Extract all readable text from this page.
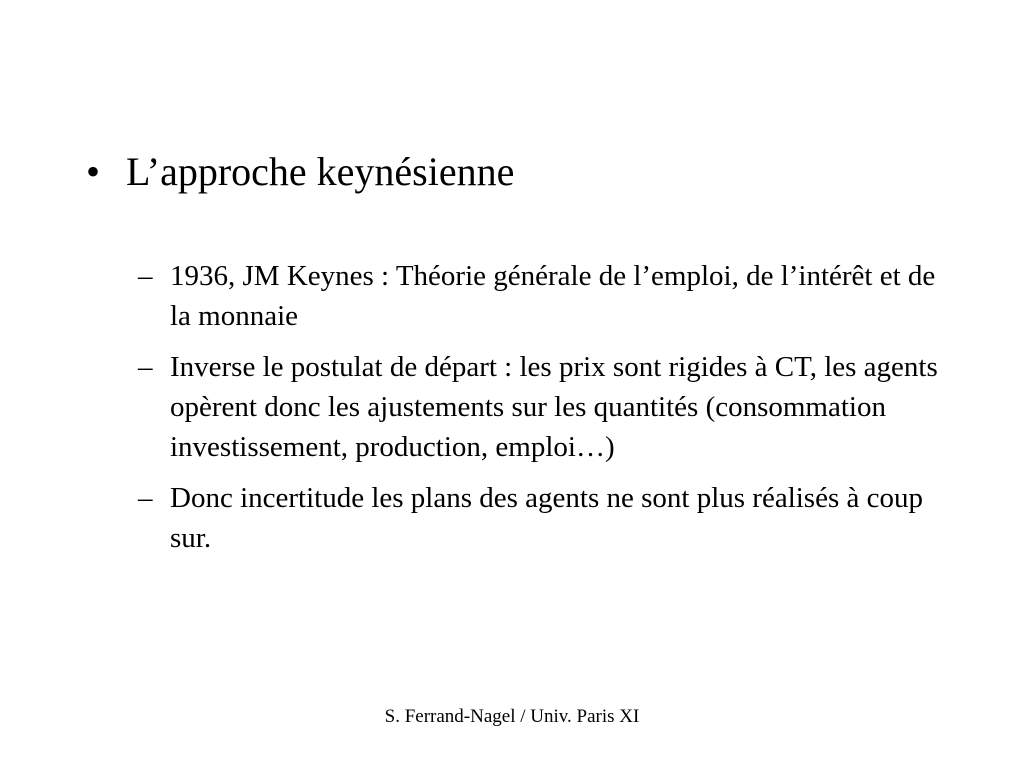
• L’approche keynésienne
– 1936, JM Keynes : Théorie générale de l’emploi, de l’intérêt et de la monnaie
– Inverse le postulat de départ : les prix sont rigides à CT, les agents opèrent donc les ajustements sur les quantités (consommation investissement, production, emploi…)
– Donc incertitude les plans des agents ne sont plus réalisés à coup sur.
S. Ferrand-Nagel / Univ. Paris XI
